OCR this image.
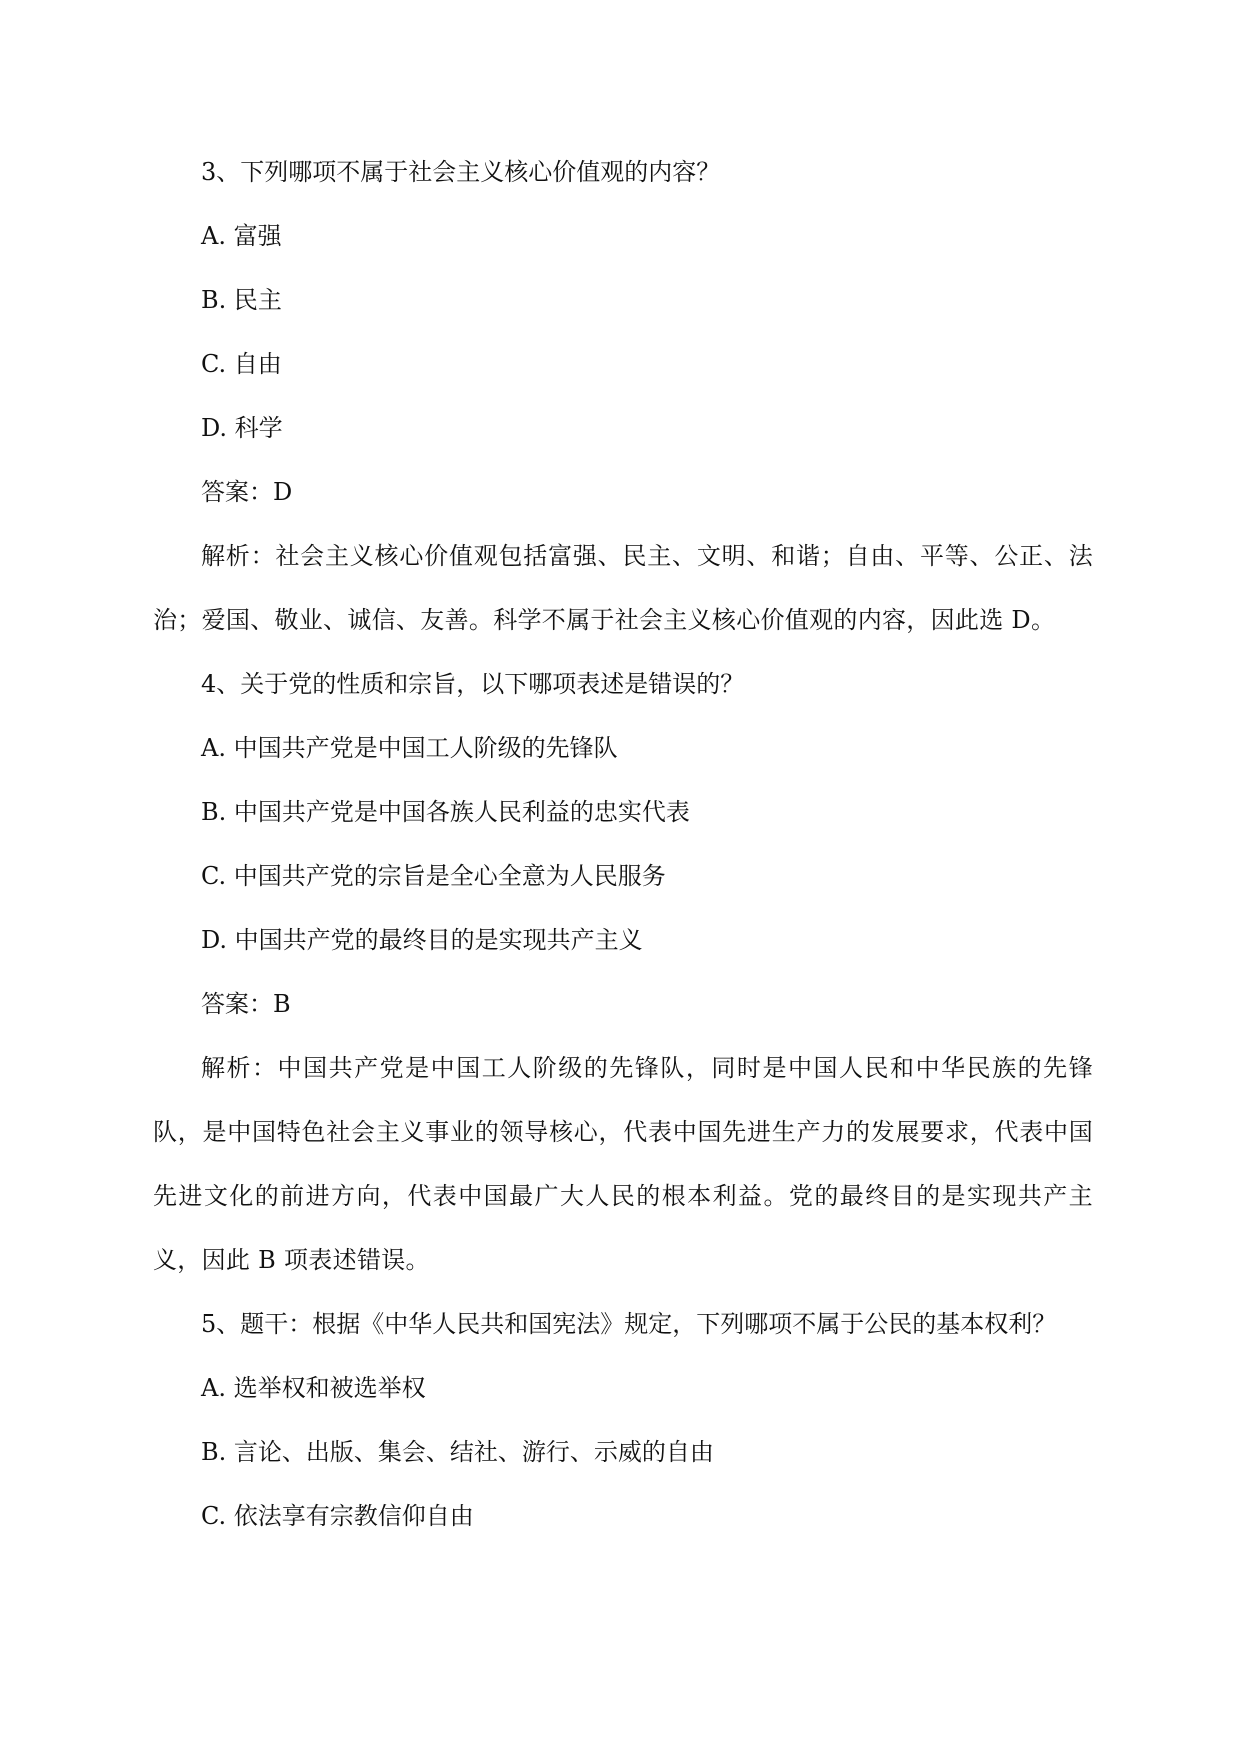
3、下列哪项不属于社会主义核心价值观的内容？

A. 富强

B. 民主

C. 自由

D. 科学

答案：D

解析：社会主义核心价值观包括富强、民主、文明、和谐；自由、平等、公正、法治；爱国、敬业、诚信、友善。科学不属于社会主义核心价值观的内容，因此选 D。

4、关于党的性质和宗旨，以下哪项表述是错误的？

A. 中国共产党是中国工人阶级的先锋队

B. 中国共产党是中国各族人民利益的忠实代表

C. 中国共产党的宗旨是全心全意为人民服务

D. 中国共产党的最终目的是实现共产主义

答案：B

解析：中国共产党是中国工人阶级的先锋队，同时是中国人民和中华民族的先锋队，是中国特色社会主义事业的领导核心，代表中国先进生产力的发展要求，代表中国先进文化的前进方向，代表中国最广大人民的根本利益。党的最终目的是实现共产主义，因此 B 项表述错误。

5、题干：根据《中华人民共和国宪法》规定，下列哪项不属于公民的基本权利？

A. 选举权和被选举权

B. 言论、出版、集会、结社、游行、示威的自由

C. 依法享有宗教信仰自由
